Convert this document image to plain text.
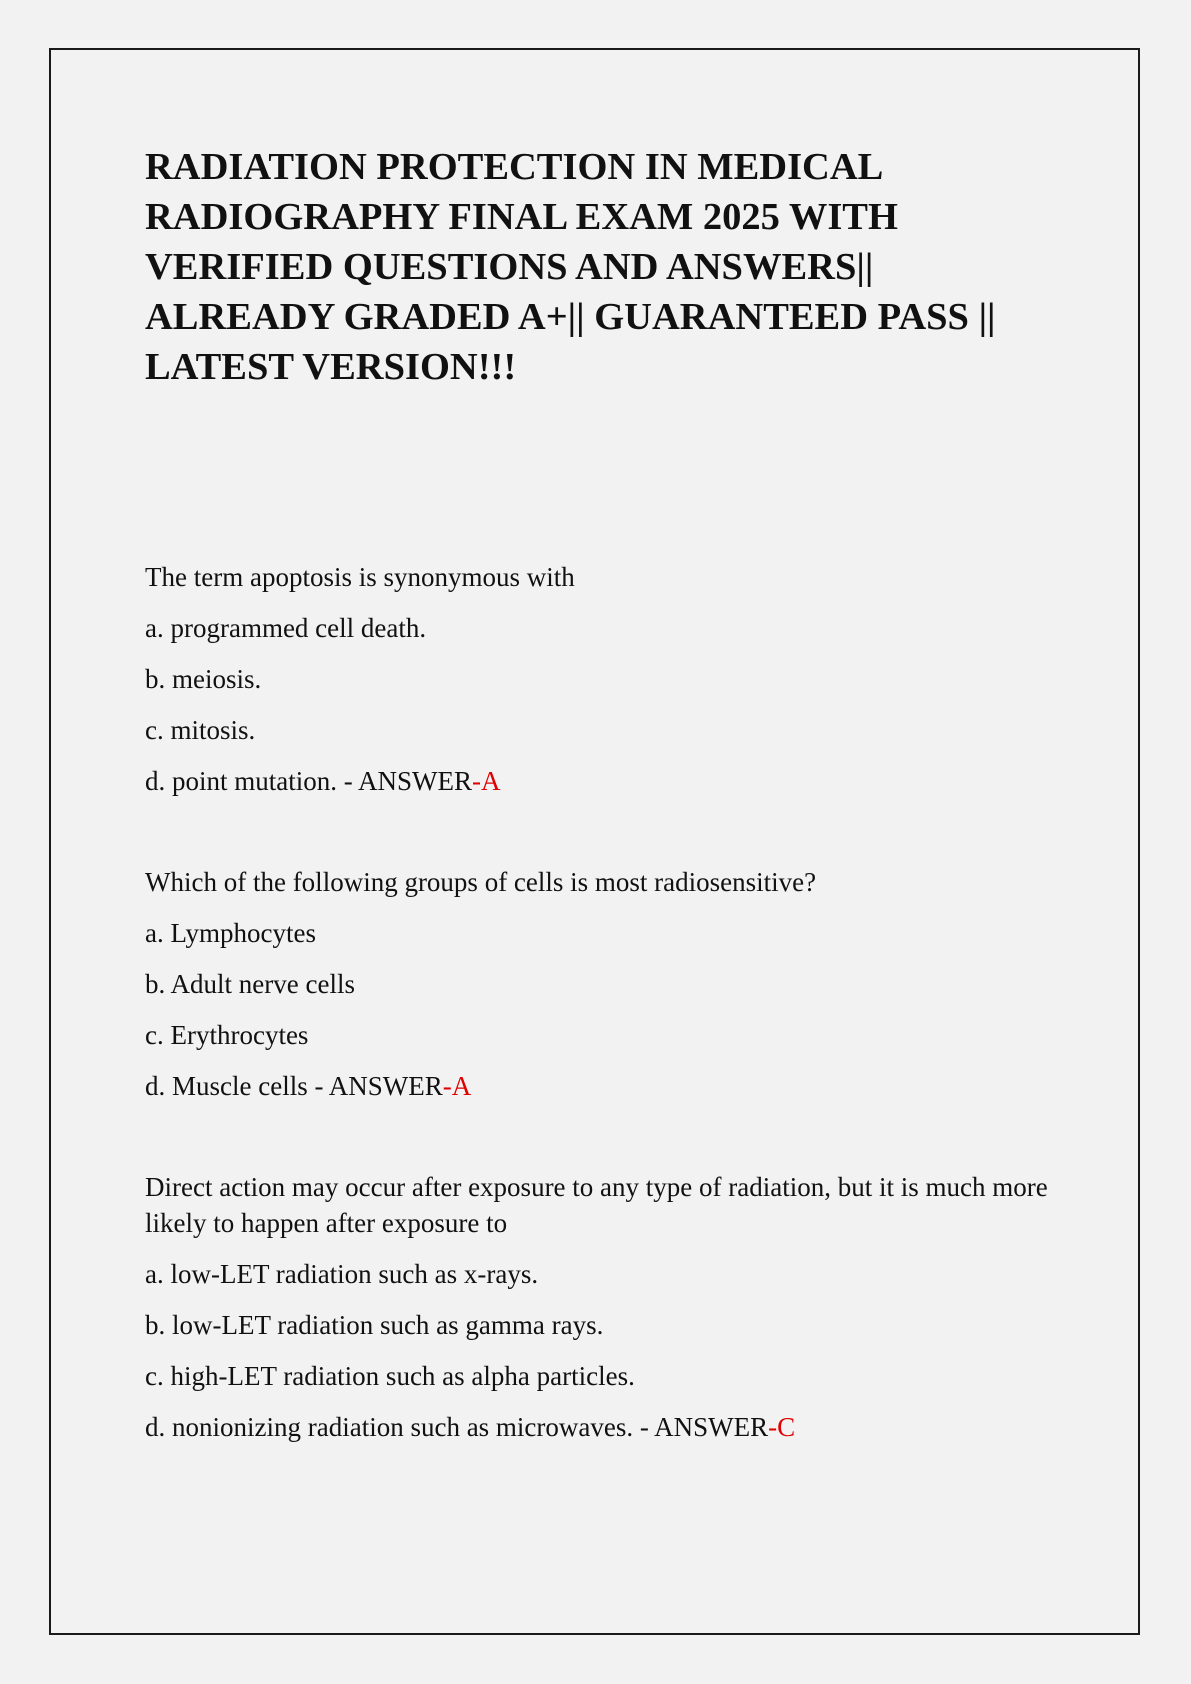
RADIATION PROTECTION IN MEDICAL RADIOGRAPHY FINAL EXAM 2025 WITH VERIFIED QUESTIONS AND ANSWERS|| ALREADY GRADED A+|| GUARANTEED PASS || LATEST VERSION!!!

The term apoptosis is synonymous with

a. programmed cell death.

b. meiosis.

c. mitosis.

d. point mutation. - ANSWER-A

Which of the following groups of cells is most radiosensitive?

a. Lymphocytes

b. Adult nerve cells

c. Erythrocytes

d. Muscle cells - ANSWER-A

Direct action may occur after exposure to any type of radiation, but it is much more likely to happen after exposure to

a. low-LET radiation such as x-rays.

b. low-LET radiation such as gamma rays.

c. high-LET radiation such as alpha particles.

d. nonionizing radiation such as microwaves. - ANSWER-C
